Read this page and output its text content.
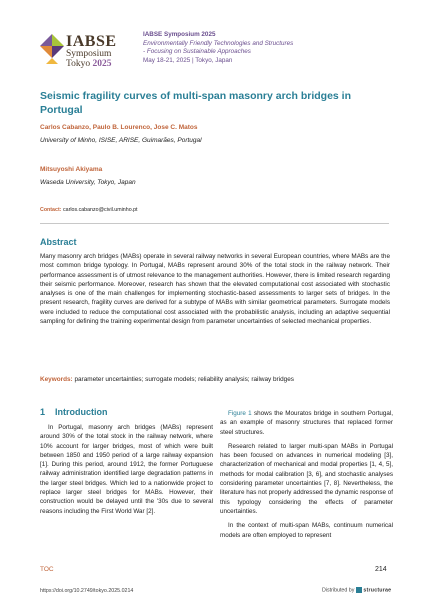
IABSE
Symposium
Tokyo 2025
IABSE Symposium 2025
Environmentally Friendly Technologies and Structures
- Focusing on Sustainable Approaches
May 18-21, 2025 | Tokyo, Japan
Seismic fragility curves of multi-span masonry arch bridges in Portugal
Carlos Cabanzo, Paulo B. Lourenco, Jose C. Matos
University of Minho, ISISE, ARISE, Guimarães, Portugal
Mitsuyoshi Akiyama
Waseda University, Tokyo, Japan
Contact: carlos.cabanzo@civil.uminho.pt
Abstract
Many masonry arch bridges (MABs) operate in several railway networks in several European countries, where MABs are the most common bridge typology. In Portugal, MABs represent around 30% of the total stock in the railway network. Their performance assessment is of utmost relevance to the management authorities. However, there is limited research regarding their seismic performance. Moreover, research has shown that the elevated computational cost associated with stochastic analyses is one of the main challenges for implementing stochastic-based assessments to larger sets of bridges. In the present research, fragility curves are derived for a subtype of MABs with similar geometrical parameters. Surrogate models were included to reduce the computational cost associated with the probabilistic analysis, including an adaptive sequential sampling for defining the training experimental design from parameter uncertainties of selected mechanical properties.
Keywords: parameter uncertainties; surrogate models; reliability analysis; railway bridges
1 Introduction

In Portugal, masonry arch bridges (MABs) represent around 30% of the total stock in the railway network, where 10% account for larger bridges, most of which were built between 1850 and 1950 period of a large railway expansion [1]. During this period, around 1912, the former Portuguese railway administration identified large degradation patterns in the larger steel bridges. Which led to a nationwide project to replace larger steel bridges for MABs. However, their construction would be delayed until the '30s due to several reasons including the First World War [2].

Figure 1 shows the Mouratos bridge in southern Portugal, as an example of masonry structures that replaced former steel structures.

Research related to larger multi-span MABs in Portugal has been focused on advances in numerical modeling [3], characterization of mechanical and modal properties [1, 4, 5], methods for modal calibration [3, 6], and stochastic analyses considering parameter uncertainties [7, 8]. Nevertheless, the literature has not properly addressed the dynamic response of this typology considering the effects of parameter uncertainties.

In the context of multi-span MABs, continuum numerical models are often employed to represent

TOC	214
https://doi.org/10.2749/tokyo.2025.0214	Distributed by structurae
